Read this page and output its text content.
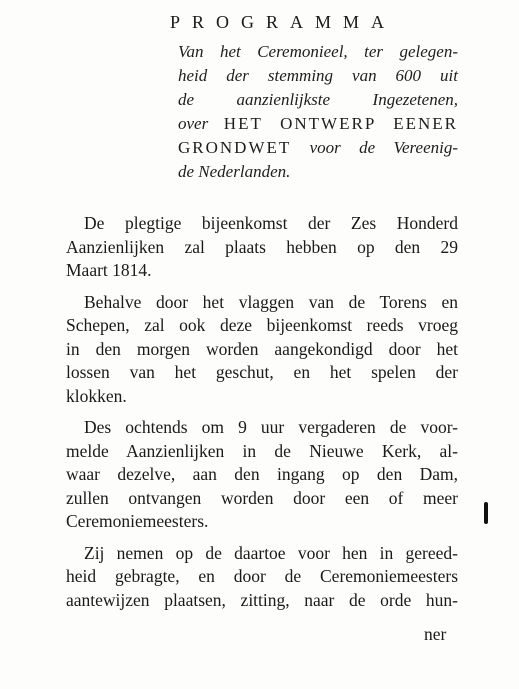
PROGRAMMA
Van het Ceremonieel, ter gelegen-
heid der stemming van 600 uit
de aanzienlijkste Ingezetenen,
over HET ONTWERP EENER
GRONDWET voor de Vereenig-
de Nederlanden.

De plegtige bijeenkomst der Zes Honderd
Aanzienlijken zal plaats hebben op den 29
Maart 1814.

Behalve door het vlaggen van de Torens en
Schepen, zal ook deze bijeenkomst reeds vroeg
in den morgen worden aangekondigd door het
lossen van het geschut, en het spelen der
klokken.

Des ochtends om 9 uur vergaderen de voor-
melde Aanzienlijken in de Nieuwe Kerk, al-
waar dezelve, aan den ingang op den Dam,
zullen ontvangen worden door een of meer
Ceremoniemeesters.

Zij nemen op de daartoe voor hen in gereed-
heid gebragte, en door de Ceremoniemeesters
aantewijzen plaatsen, zitting, naar de orde hun-

ner
